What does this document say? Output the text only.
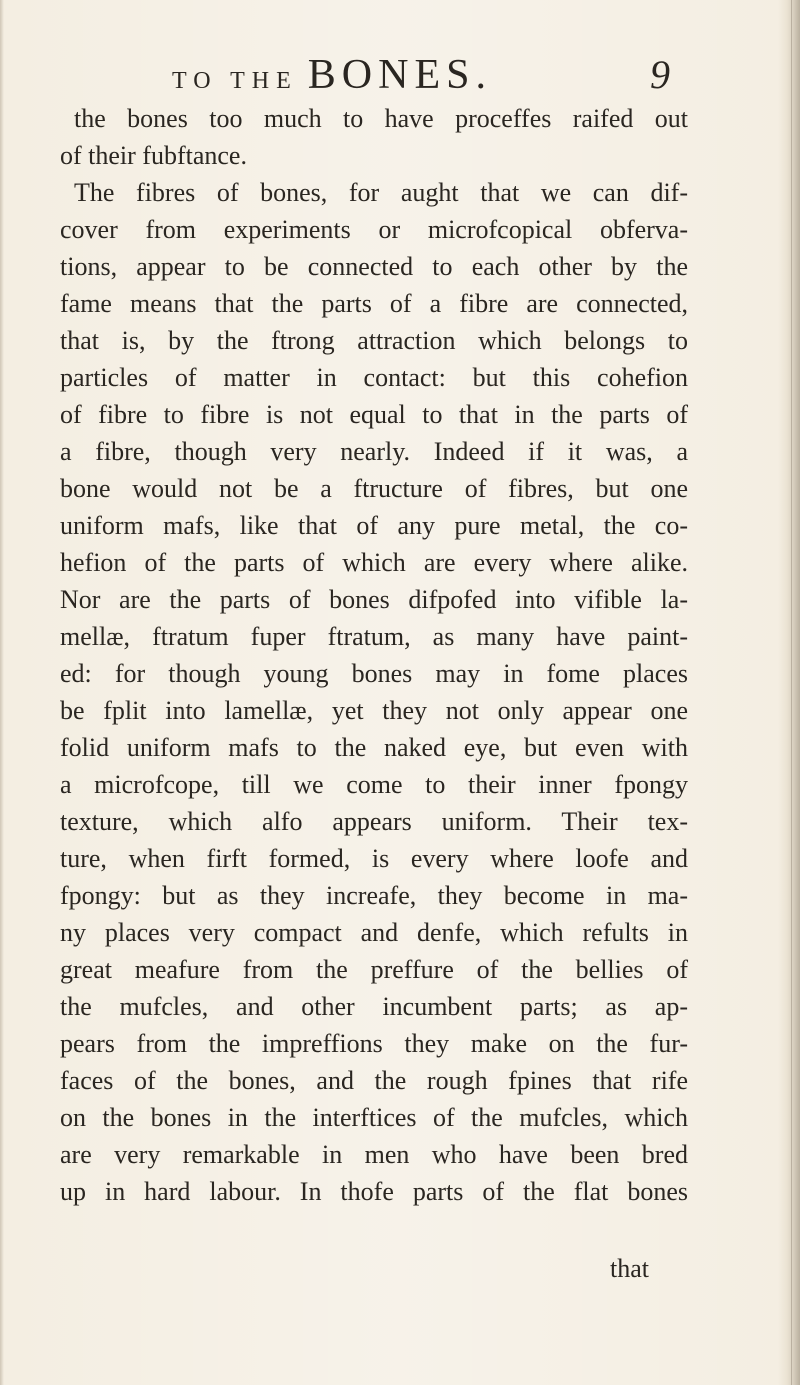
TO THE BONES.	9
the bones too much to have proceffes raifed out
of their fubftance.
The fibres of bones, for aught that we can dif-
cover from experiments or microfcopical obferva-
tions, appear to be connected to each other by the
fame means that the parts of a fibre are connected,
that is, by the ftrong attraction which belongs to
particles of matter in contact: but this cohefion
of fibre to fibre is not equal to that in the parts of
a fibre, though very nearly. Indeed if it was, a
bone would not be a ftructure of fibres, but one
uniform mafs, like that of any pure metal, the co-
hefion of the parts of which are every where alike.
Nor are the parts of bones difpofed into vifible la-
mellæ, ftratum fuper ftratum, as many have paint-
ed: for though young bones may in fome places
be fplit into lamellæ, yet they not only appear one
folid uniform mafs to the naked eye, but even with
a microfcope, till we come to their inner fpongy
texture, which alfo appears uniform. Their tex-
ture, when firft formed, is every where loofe and
fpongy: but as they increafe, they become in ma-
ny places very compact and denfe, which refults in
great meafure from the preffure of the bellies of
the mufcles, and other incumbent parts; as ap-
pears from the impreffions they make on the fur-
faces of the bones, and the rough fpines that rife
on the bones in the interftices of the mufcles, which
are very remarkable in men who have been bred
up in hard labour. In thofe parts of the flat bones
that
